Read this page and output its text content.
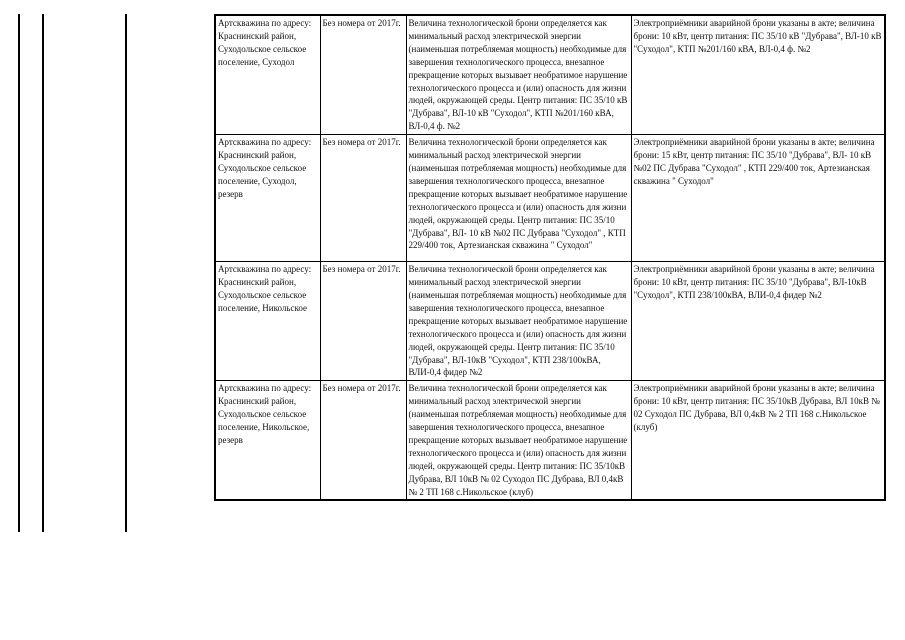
Артскважина по адресу: Краснинский район, Суходольское сельское поселение, Суходол	Без номера от 2017г.	Величина технологической брони определяется как минимальный расход электрической энергии (наименьшая потребляемая мощность) необходимые для завершения технологического процесса, внезапное прекращение которых вызывает необратимое нарушение технологического процесса и (или) опасность для жизни людей, окружающей среды. Центр питания: ПС 35/10 кВ "Дубрава", ВЛ-10 кВ "Суходол", КТП №201/160 кВА, ВЛ-0,4 ф. №2	Электроприёмники аварийной брони указаны в акте; величина брони: 10 кВт, центр питания: ПС 35/10 кВ "Дубрава", ВЛ-10 кВ "Суходол", КТП №201/160 кВА, ВЛ-0,4 ф. №2
Артскважина по адресу: Краснинский район, Суходольское сельское поселение, Суходол, резерв	Без номера от 2017г.	Величина технологической брони определяется как минимальный расход электрической энергии (наименьшая потребляемая мощность) необходимые для завершения технологического процесса, внезапное прекращение которых вызывает необратимое нарушение технологического процесса и (или) опасность для жизни людей, окружающей среды. Центр питания: ПС 35/10 "Дубрава", ВЛ- 10 кВ №02 ПС Дубрава "Суходол" , КТП 229/400 ток, Артезианская скважина " Суходол"	Электроприёмники аварийной брони указаны в акте; величина брони: 15 кВт, центр питания: ПС 35/10 "Дубрава", ВЛ- 10 кВ №02 ПС Дубрава "Суходол" , КТП 229/400 ток, Артезианская скважина " Суходол"
Артскважина по адресу: Краснинский район, Суходольское сельское поселение, Никольское	Без номера от 2017г.	Величина технологической брони определяется как минимальный расход электрической энергии (наименьшая потребляемая мощность) необходимые для завершения технологического процесса, внезапное прекращение которых вызывает необратимое нарушение технологического процесса и (или) опасность для жизни людей, окружающей среды. Центр питания: ПС 35/10 "Дубрава", ВЛ-10кВ "Суходол", КТП 238/100кВА, ВЛИ-0,4 фидер №2	Электроприёмники аварийной брони указаны в акте; величина брони: 10 кВт, центр питания: ПС 35/10 "Дубрава", ВЛ-10кВ "Суходол", КТП 238/100кВА, ВЛИ-0,4 фидер №2
Артскважина по адресу: Краснинский район, Суходольское сельское поселение, Никольское, резерв	Без номера от 2017г.	Величина технологической брони определяется как минимальный расход электрической энергии (наименьшая потребляемая мощность) необходимые для завершения технологического процесса, внезапное прекращение которых вызывает необратимое нарушение технологического процесса и (или) опасность для жизни людей, окружающей среды. Центр питания: ПС 35/10кВ Дубрава, ВЛ 10кВ № 02 Суходол ПС Дубрава, ВЛ 0,4кВ № 2 ТП 168 с.Никольское (клуб)	Электроприёмники аварийной брони указаны в акте; величина брони: 10 кВт, центр питания: ПС 35/10кВ Дубрава, ВЛ 10кВ № 02 Суходол ПС Дубрава, ВЛ 0,4кВ № 2 ТП 168 с.Никольское (клуб)
